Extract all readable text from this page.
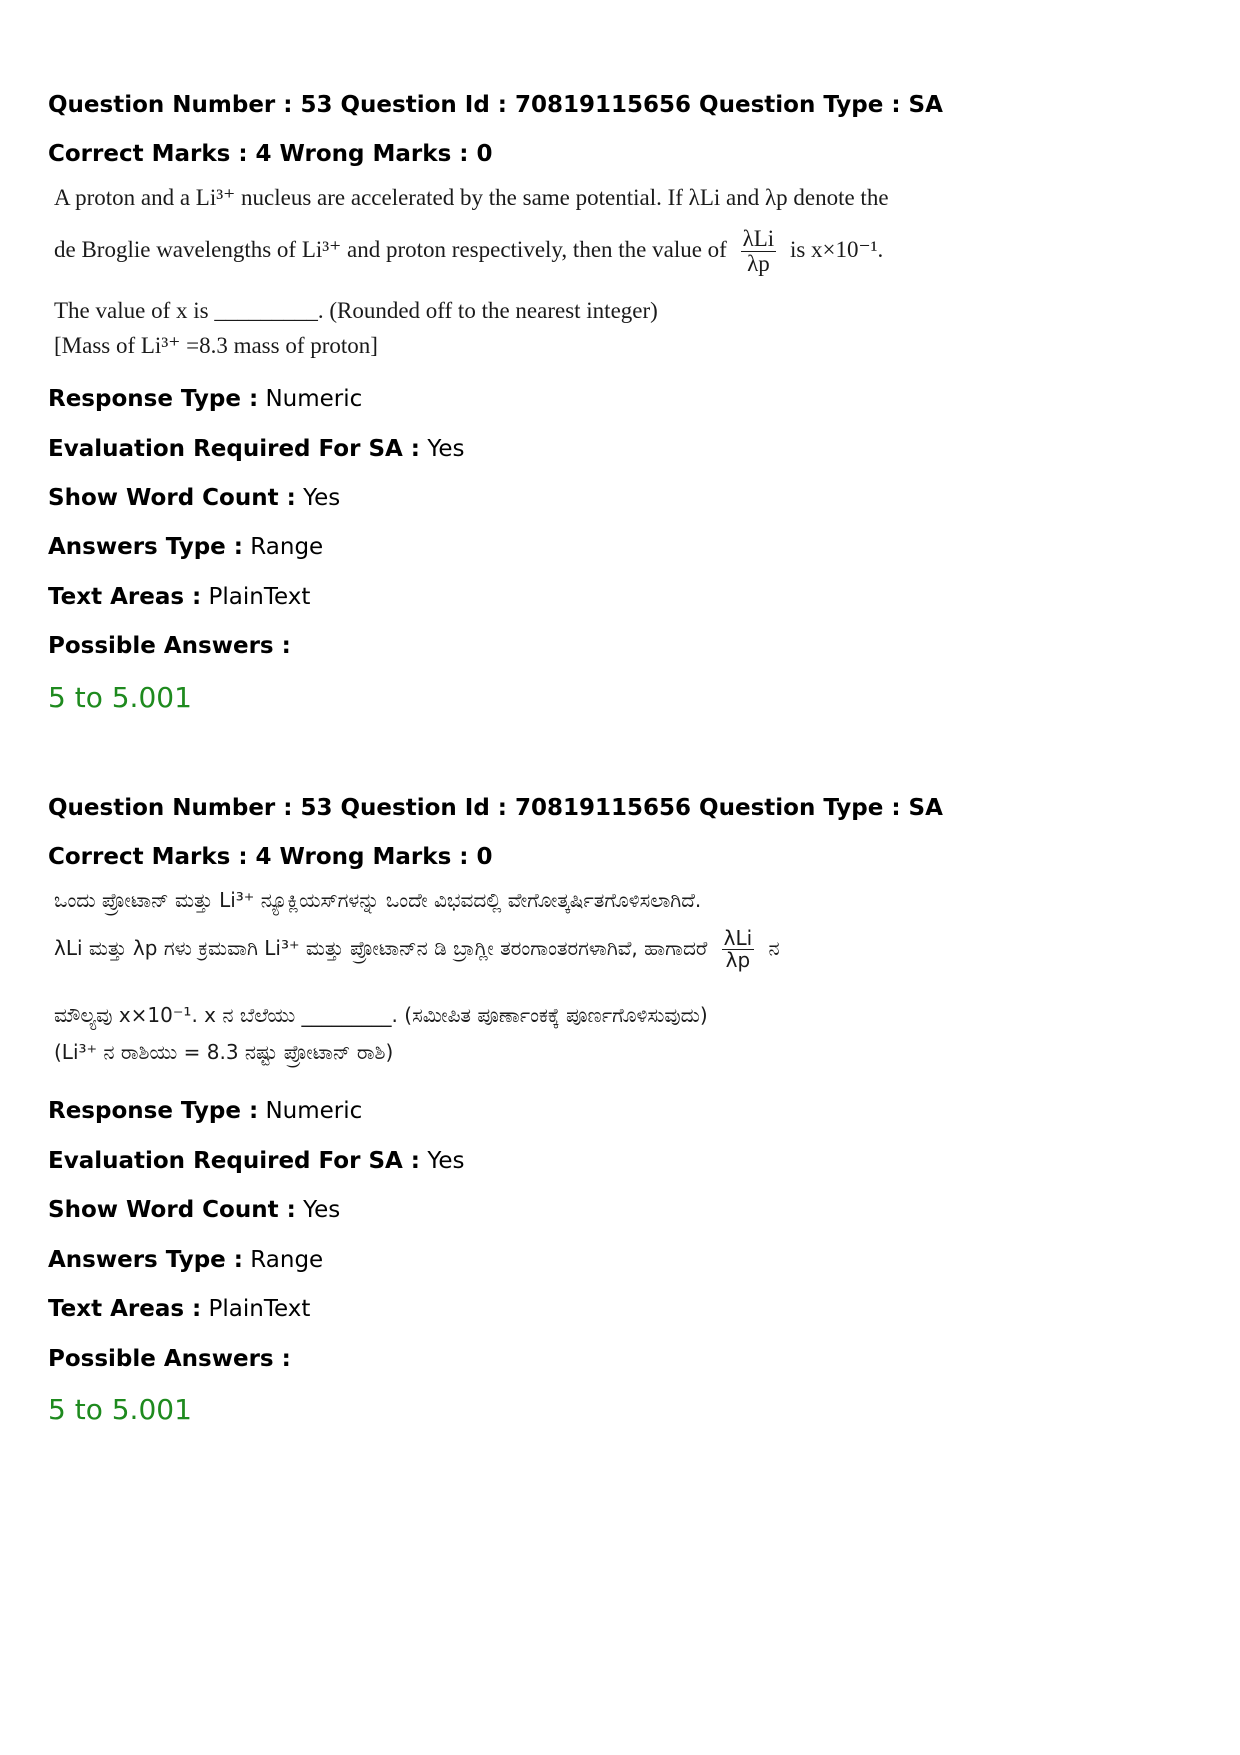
Question Number : 53 Question Id : 70819115656 Question Type : SA
Correct Marks : 4 Wrong Marks : 0
A proton and a Li³⁺ nucleus are accelerated by the same potential. If λLi and λp denote the
de Broglie wavelengths of Li³⁺ and proton respectively, then the value of $\frac{\text{λLi}}{\lambda p}$ is x×10⁻¹.
The value of x is _________. (Rounded off to the nearest integer)
[Mass of Li³⁺ =8.3 mass of proton]
Response Type : Numeric
Evaluation Required For SA : Yes
Show Word Count : Yes
Answers Type : Range
Text Areas : PlainText
Possible Answers :
5 to 5.001
Question Number : 53 Question Id : 70819115656 Question Type : SA
Correct Marks : 4 Wrong Marks : 0
ಒಂದು ಪ್ರೋಟಾನ್ ಮತ್ತು Li³⁺ ನ್ಯೂಕ್ಲಿಯಸ್‌ಗಳನ್ನು ಒಂದೇ ವಿಭವದಲ್ಲಿ ವೇಗೋತ್ಕರ್ಷಿತಗೊಳಿಸಲಾಗಿದೆ.
λLi ಮತ್ತು λp ಗಳು ಕ್ರಮವಾಗಿ Li³⁺ ಮತ್ತು ಪ್ರೋಟಾನ್‌ನ ಡಿ ಬ್ರಾಗ್ಲೀ ತರಂಗಾಂತರಗಳಾಗಿವೆ, ಹಾಗಾದರೆ $\frac{\text{λLi}}{\lambda p}$ ನ
ಮೌಲ್ಯವು x×10⁻¹. x ನ ಬೆಲೆಯು _________. (ಸಮೀಪಿತ ಪೂರ್ಣಾಂಕಕ್ಕೆ ಪೂರ್ಣಗೊಳಿಸುವುದು)
(Li³⁺ ನ ರಾಶಿಯು = 8.3 ನಷ್ಟು ಪ್ರೋಟಾನ್ ರಾಶಿ)
Response Type : Numeric
Evaluation Required For SA : Yes
Show Word Count : Yes
Answers Type : Range
Text Areas : PlainText
Possible Answers :
5 to 5.001
